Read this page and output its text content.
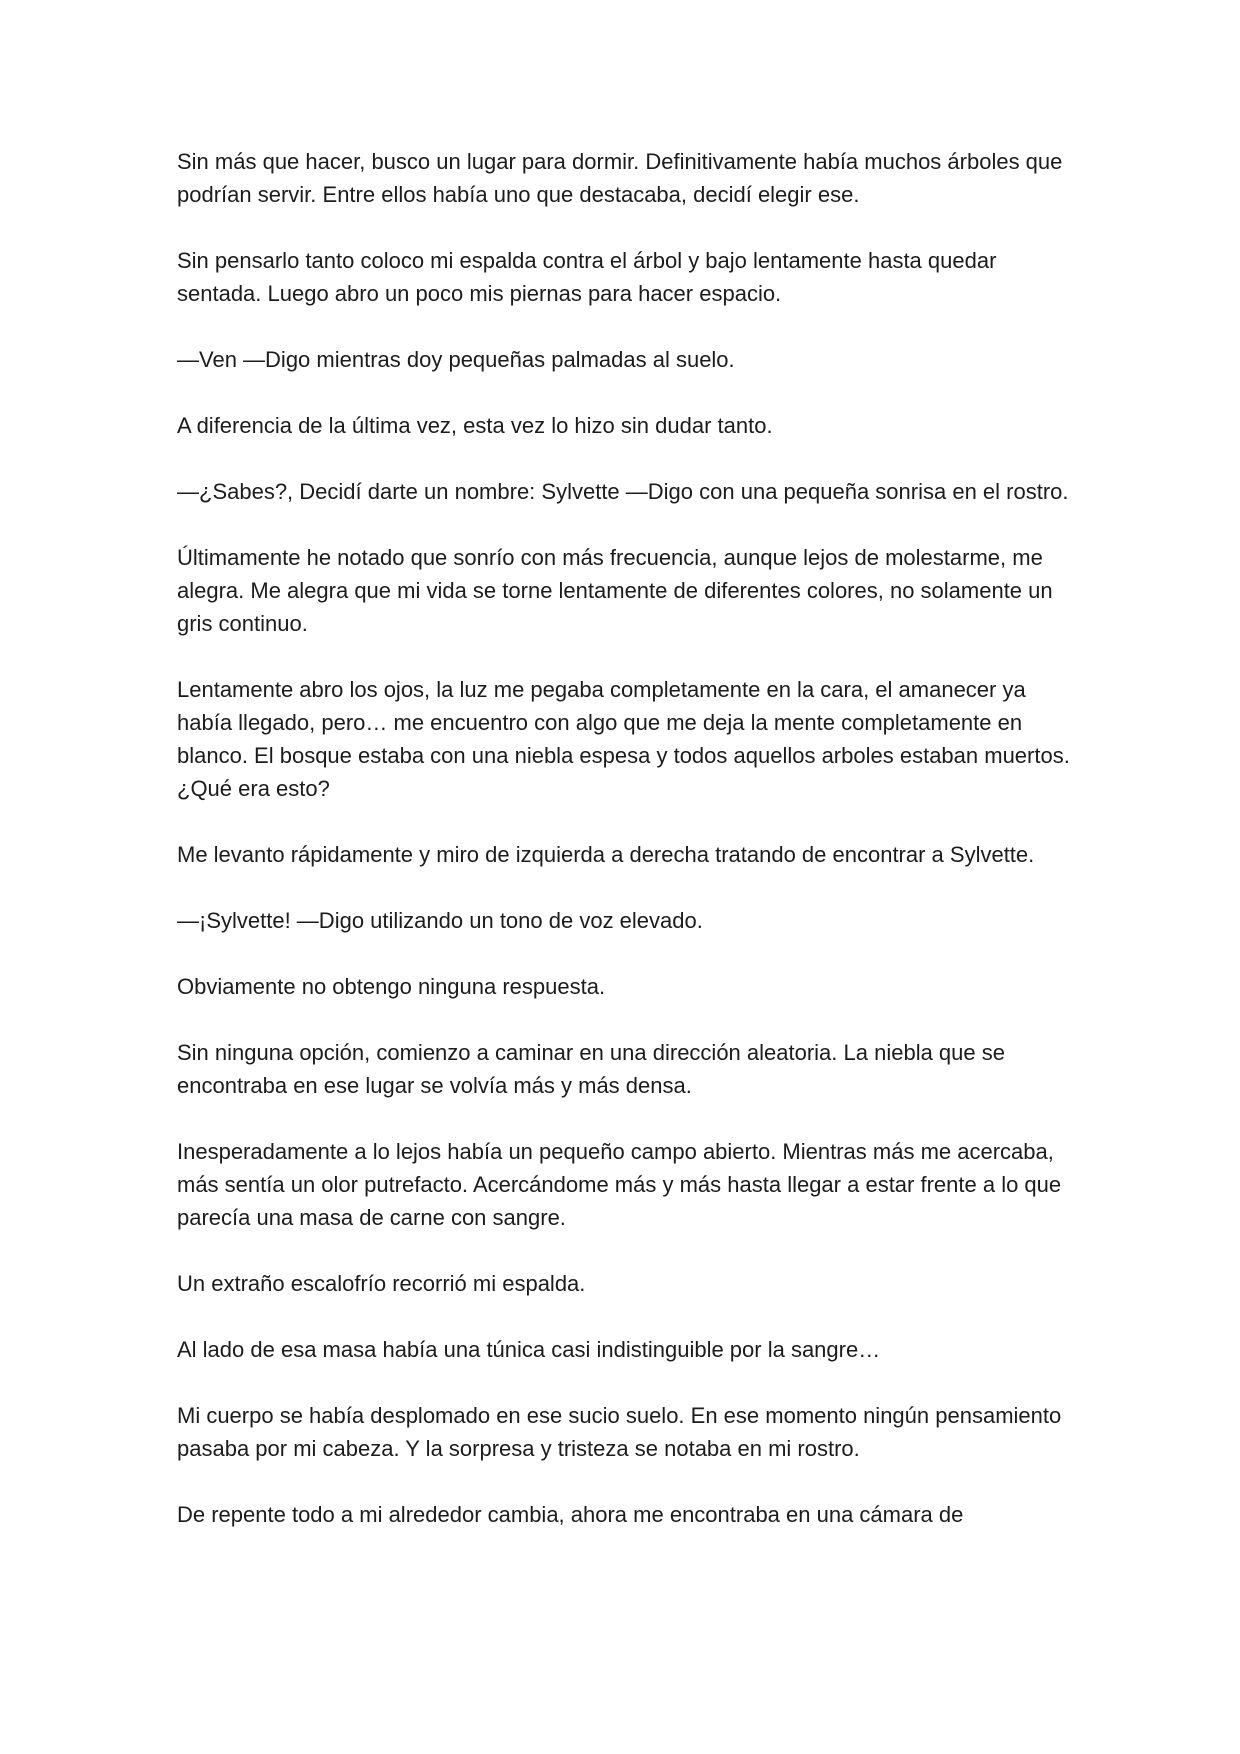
Sin más que hacer, busco un lugar para dormir. Definitivamente había muchos árboles que podrían servir. Entre ellos había uno que destacaba, decidí elegir ese.

Sin pensarlo tanto coloco mi espalda contra el árbol y bajo lentamente hasta quedar sentada. Luego abro un poco mis piernas para hacer espacio.

—Ven —Digo mientras doy pequeñas palmadas al suelo.

A diferencia de la última vez, esta vez lo hizo sin dudar tanto.

—¿Sabes?, Decidí darte un nombre: Sylvette —Digo con una pequeña sonrisa en el rostro.

Últimamente he notado que sonrío con más frecuencia, aunque lejos de molestarme, me alegra. Me alegra que mi vida se torne lentamente de diferentes colores, no solamente un gris continuo.

Lentamente abro los ojos, la luz me pegaba completamente en la cara, el amanecer ya había llegado, pero… me encuentro con algo que me deja la mente completamente en blanco. El bosque estaba con una niebla espesa y todos aquellos arboles estaban muertos. ¿Qué era esto?

Me levanto rápidamente y miro de izquierda a derecha tratando de encontrar a Sylvette.

—¡Sylvette! —Digo utilizando un tono de voz elevado.

Obviamente no obtengo ninguna respuesta.

Sin ninguna opción, comienzo a caminar en una dirección aleatoria. La niebla que se encontraba en ese lugar se volvía más y más densa.

Inesperadamente a lo lejos había un pequeño campo abierto. Mientras más me acercaba, más sentía un olor putrefacto. Acercándome más y más hasta llegar a estar frente a lo que parecía una masa de carne con sangre.

Un extraño escalofrío recorrió mi espalda.

Al lado de esa masa había una túnica casi indistinguible por la sangre…

Mi cuerpo se había desplomado en ese sucio suelo. En ese momento ningún pensamiento pasaba por mi cabeza. Y la sorpresa y tristeza se notaba en mi rostro.

De repente todo a mi alrededor cambia, ahora me encontraba en una cámara de
